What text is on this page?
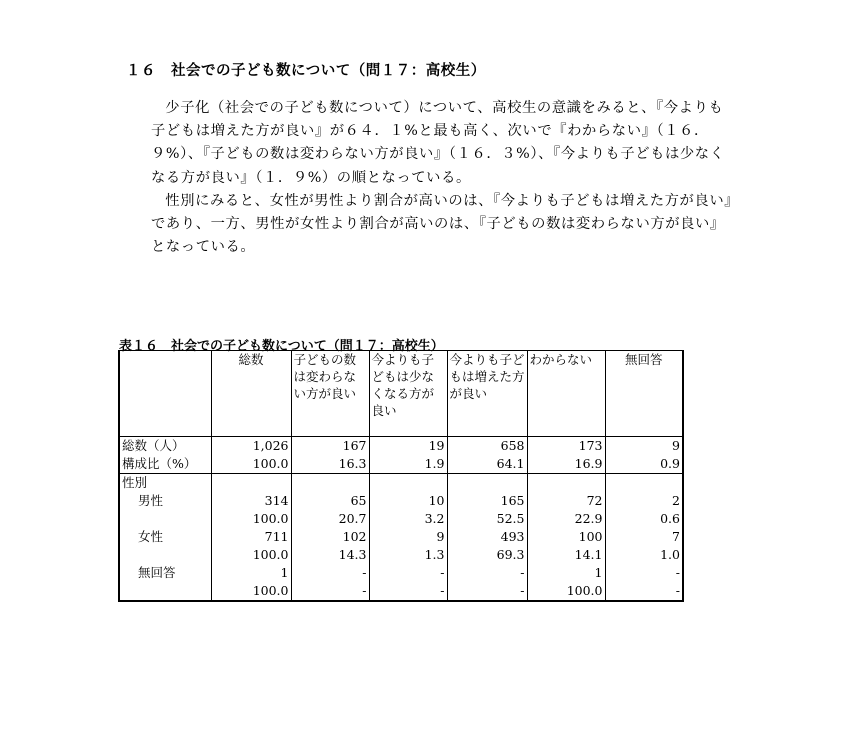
１６　社会での子ども数について（問１７：高校生）

少子化（社会での子ども数について）について、高校生の意識をみると、『今よりも子どもは増えた方が良い』が６４．１%と最も高く、次いで『わからない』（１６．９%）、『子どもの数は変わらない方が良い』（１６．３%）、『今よりも子どもは少なくなる方が良い』（１．９%）の順となっている。

性別にみると、女性が男性より割合が高いのは、『今よりも子どもは増えた方が良い』であり、一方、男性が女性より割合が高いのは、『子どもの数は変わらない方が良い』となっている。

表１６　社会での子ども数について（問１７：高校生）
	総数	子どもの数は変わらない方が良い	今よりも子どもは少なくなる方が良い	今よりも子どもは増えた方が良い	わからない	無回答
総数（人）	1,026	167	19	658	173	9
構成比（%）	100.0	16.3	1.9	64.1	16.9	0.9
性別						
男性	314	65	10	165	72	2
	100.0	20.7	3.2	52.5	22.9	0.6
女性	711	102	9	493	100	7
	100.0	14.3	1.3	69.3	14.1	1.0
無回答	1	-	-	-	1	-
	100.0	-	-	-	100.0	-
